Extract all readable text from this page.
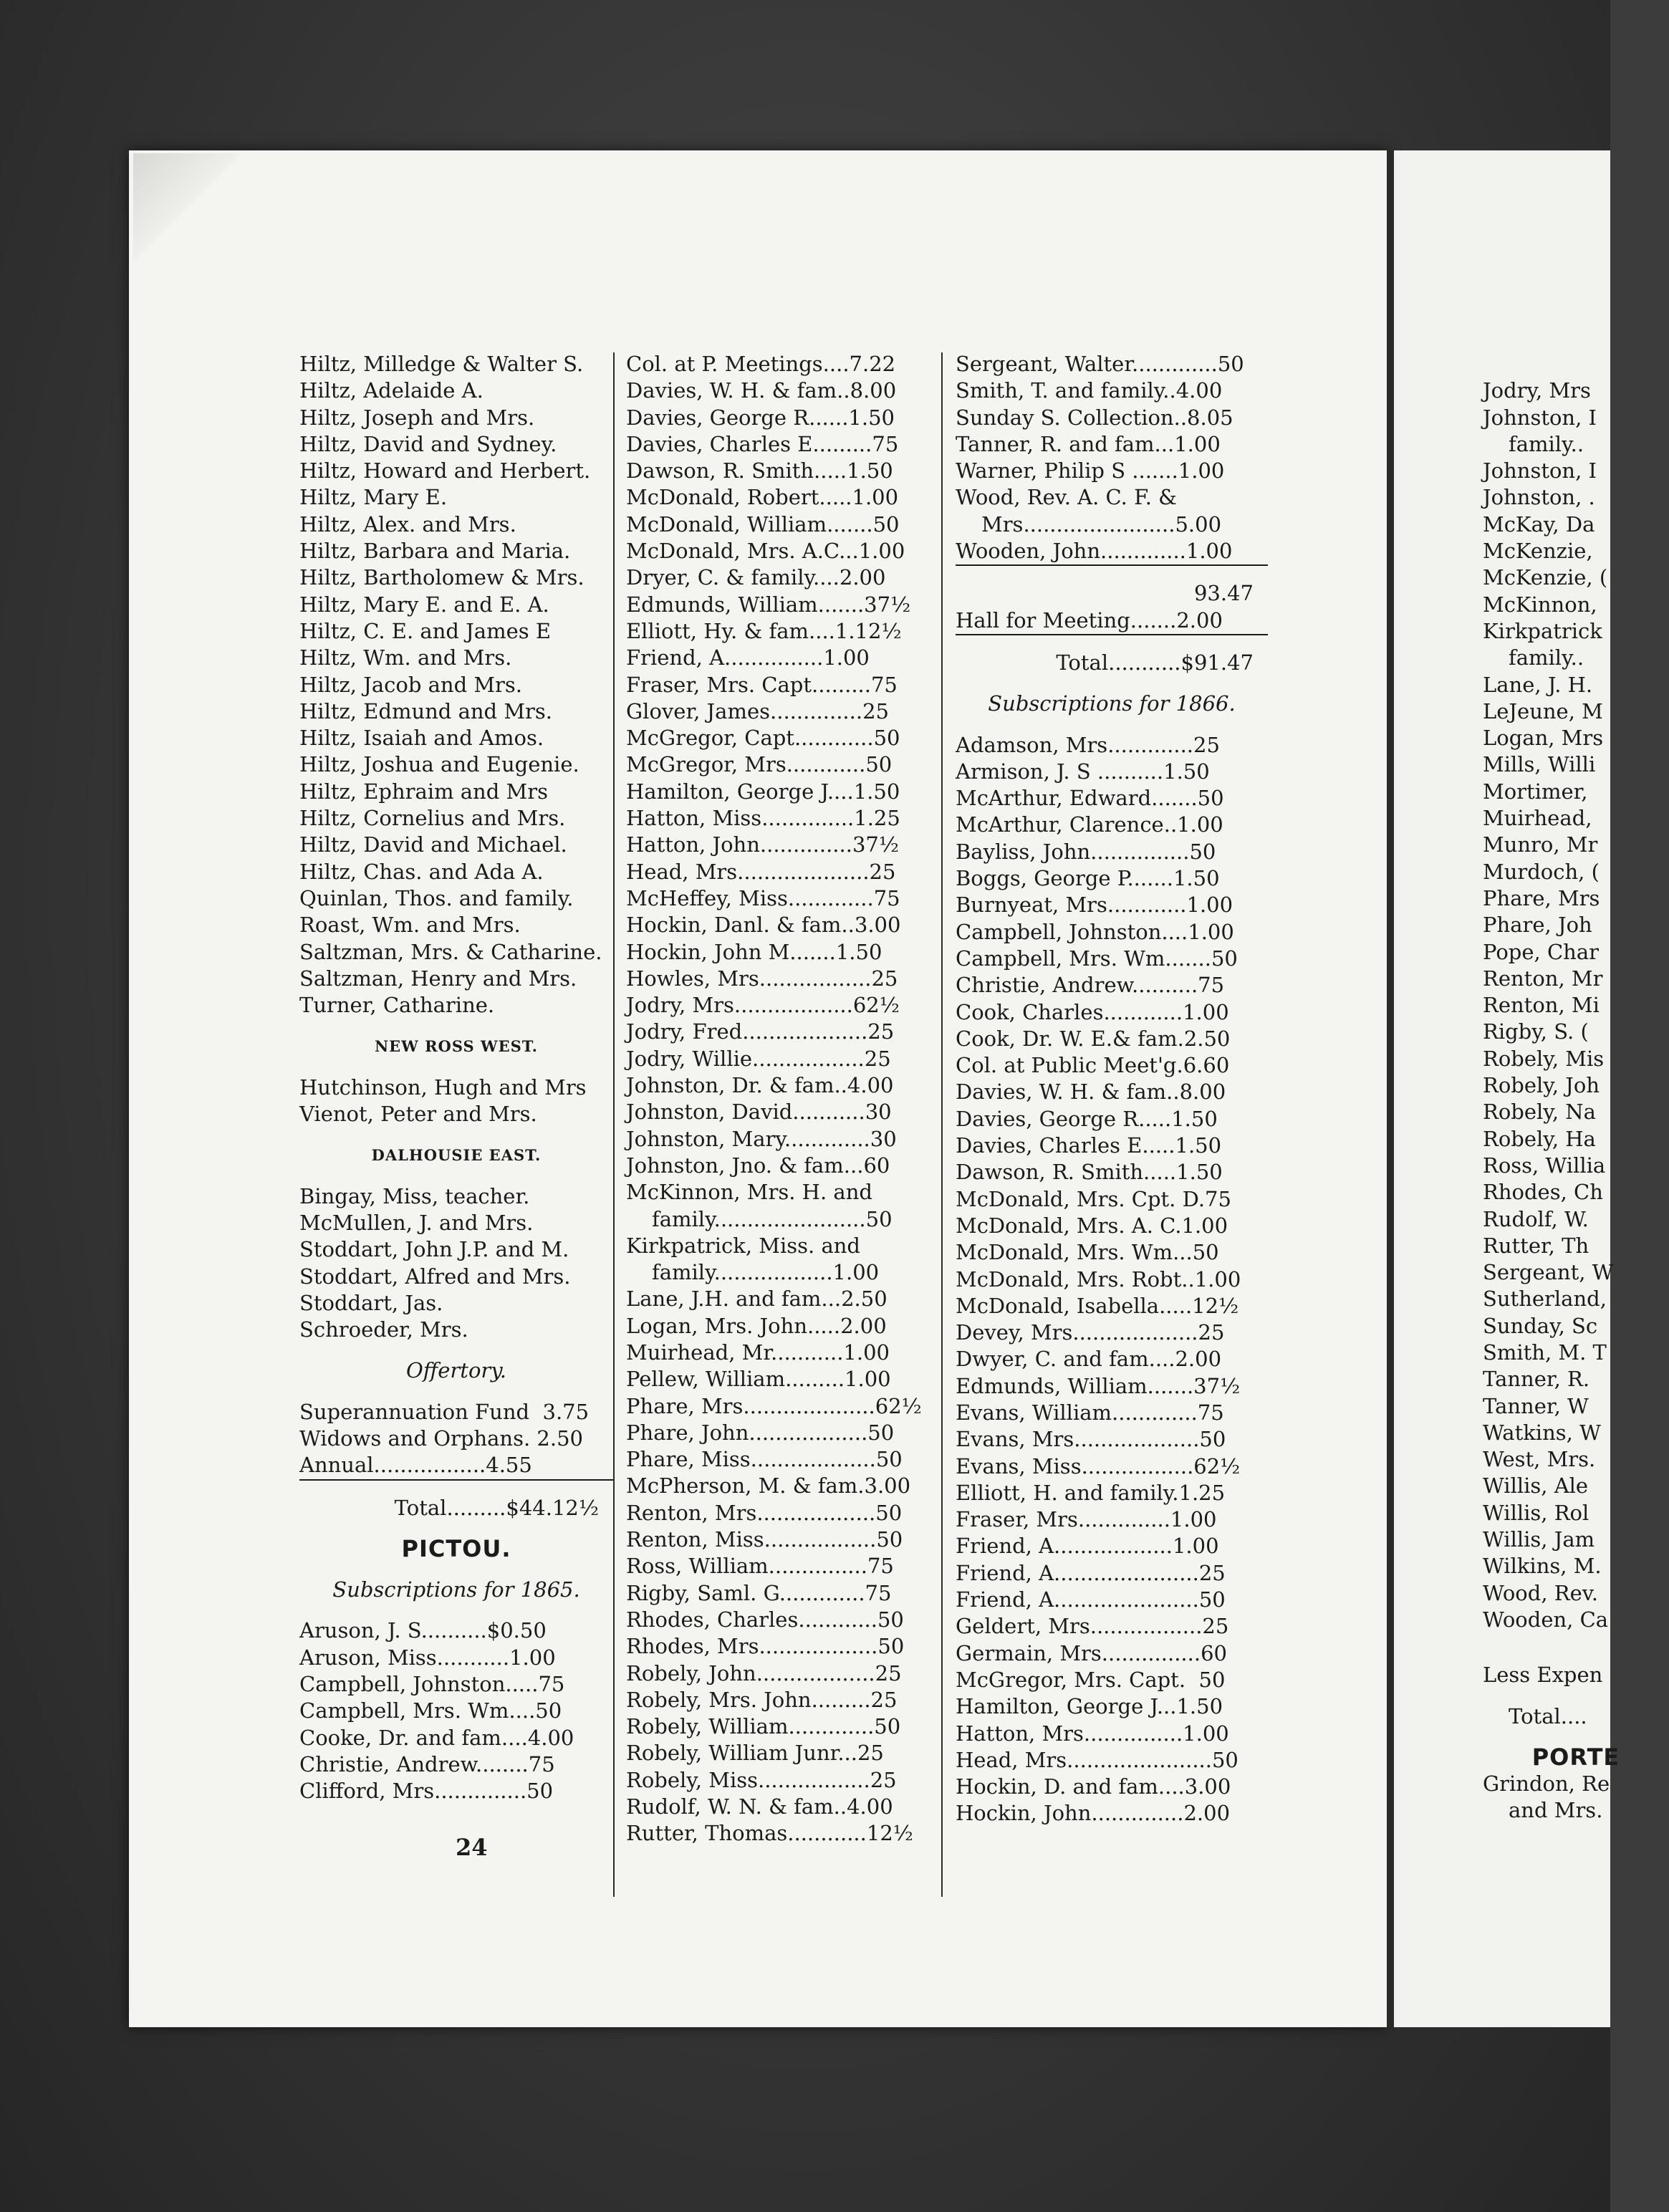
Hiltz, Milledge & Walter S.
Hiltz, Adelaide A.
Hiltz, Joseph and Mrs.
Hiltz, David and Sydney.
Hiltz, Howard and Herbert.
Hiltz, Mary E.
Hiltz, Alex. and Mrs.
Hiltz, Barbara and Maria.
Hiltz, Bartholomew & Mrs.
Hiltz, Mary E. and E. A.
Hiltz, C. E. and James E
Hiltz, Wm. and Mrs.
Hiltz, Jacob and Mrs.
Hiltz, Edmund and Mrs.
Hiltz, Isaiah and Amos.
Hiltz, Joshua and Eugenie.
Hiltz, Ephraim and Mrs
Hiltz, Cornelius and Mrs.
Hiltz, David and Michael.
Hiltz, Chas. and Ada A.
Quinlan, Thos. and family.
Roast, Wm. and Mrs.
Saltzman, Mrs. & Catharine.
Saltzman, Henry and Mrs.
Turner, Catharine.
NEW ROSS WEST.
Hutchinson, Hugh and Mrs
Vienot, Peter and Mrs.
DALHOUSIE EAST.
Bingay, Miss, teacher.
McMullen, J. and Mrs.
Stoddart, John J.P. and M.
Stoddart, Alfred and Mrs.
Stoddart, Jas.
Schroeder, Mrs.
Offertory.
Superannuation Fund  3.75
Widows and Orphans. 2.50
Annual.................4.55
Total.........$44.12½
PICTOU.
Subscriptions for 1865.
Aruson, J. S..........$0.50
Aruson, Miss...........1.00
Campbell, Johnston.....75
Campbell, Mrs. Wm....50
Cooke, Dr. and fam....4.00
Christie, Andrew........75
Clifford, Mrs..............50
Col. at P. Meetings....7.22
Davies, W. H. & fam..8.00
Davies, George R......1.50
Davies, Charles E.........75
Dawson, R. Smith.....1.50
McDonald, Robert.....1.00
McDonald, William.......50
McDonald, Mrs. A.C...1.00
Dryer, C. & family....2.00
Edmunds, William.......37½
Elliott, Hy. & fam....1.12½
Friend, A...............1.00
Fraser, Mrs. Capt.........75
Glover, James..............25
McGregor, Capt............50
McGregor, Mrs............50
Hamilton, George J....1.50
Hatton, Miss..............1.25
Hatton, John..............37½
Head, Mrs....................25
McHeffey, Miss.............75
Hockin, Danl. & fam..3.00
Hockin, John M.......1.50
Howles, Mrs.................25
Jodry, Mrs..................62½
Jodry, Fred...................25
Jodry, Willie.................25
Johnston, Dr. & fam..4.00
Johnston, David...........30
Johnston, Mary.............30
Johnston, Jno. & fam...60
McKinnon, Mrs. H. and
family.......................50
Kirkpatrick, Miss. and
family..................1.00
Lane, J.H. and fam...2.50
Logan, Mrs. John.....2.00
Muirhead, Mr...........1.00
Pellew, William.........1.00
Phare, Mrs....................62½
Phare, John..................50
Phare, Miss...................50
McPherson, M. & fam.3.00
Renton, Mrs..................50
Renton, Miss.................50
Ross, William...............75
Rigby, Saml. G.............75
Rhodes, Charles............50
Rhodes, Mrs..................50
Robely, John..................25
Robely, Mrs. John.........25
Robely, William.............50
Robely, William Junr...25
Robely, Miss.................25
Rudolf, W. N. & fam..4.00
Rutter, Thomas............12½
Sergeant, Walter.............50
Smith, T. and family..4.00
Sunday S. Collection..8.05
Tanner, R. and fam...1.00
Warner, Philip S .......1.00
Wood, Rev. A. C. F. &
Mrs.......................5.00
Wooden, John.............1.00
93.47
Hall for Meeting.......2.00
Total...........$91.47
Subscriptions for 1866.
Adamson, Mrs.............25
Armison, J. S ..........1.50
McArthur, Edward.......50
McArthur, Clarence..1.00
Bayliss, John...............50
Boggs, George P.......1.50
Burnyeat, Mrs............1.00
Campbell, Johnston....1.00
Campbell, Mrs. Wm.......50
Christie, Andrew..........75
Cook, Charles............1.00
Cook, Dr. W. E.& fam.2.50
Col. at Public Meet'g.6.60
Davies, W. H. & fam..8.00
Davies, George R.....1.50
Davies, Charles E.....1.50
Dawson, R. Smith.....1.50
McDonald, Mrs. Cpt. D.75
McDonald, Mrs. A. C.1.00
McDonald, Mrs. Wm...50
McDonald, Mrs. Robt..1.00
McDonald, Isabella.....12½
Devey, Mrs...................25
Dwyer, C. and fam....2.00
Edmunds, William.......37½
Evans, William.............75
Evans, Mrs...................50
Evans, Miss.................62½
Elliott, H. and family.1.25
Fraser, Mrs..............1.00
Friend, A..................1.00
Friend, A......................25
Friend, A......................50
Geldert, Mrs.................25
Germain, Mrs...............60
McGregor, Mrs. Capt.  50
Hamilton, George J...1.50
Hatton, Mrs...............1.00
Head, Mrs......................50
Hockin, D. and fam....3.00
Hockin, John..............2.00
Jodry, Mrs
Johnston, I
family..
Johnston, I
Johnston, .
McKay, Da
McKenzie,
McKenzie, (
McKinnon,
Kirkpatrick
family..
Lane, J. H.
LeJeune, M
Logan, Mrs
Mills, Willi
Mortimer,
Muirhead,
Munro, Mr
Murdoch, (
Phare, Mrs
Phare, Joh
Pope, Char
Renton, Mr
Renton, Mi
Rigby, S. (
Robely, Mis
Robely, Joh
Robely, Na
Robely, Ha
Ross, Willia
Rhodes, Ch
Rudolf, W.
Rutter, Th
Sergeant, W
Sutherland,
Sunday, Sc
Smith, M. T
Tanner, R.
Tanner, W
Watkins, W
West, Mrs.
Willis, Ale
Willis, Rol
Willis, Jam
Wilkins, M.
Wood, Rev.
Wooden, Ca
Less Expen
Total....
PORTE
Grindon, Re
and Mrs.
24
